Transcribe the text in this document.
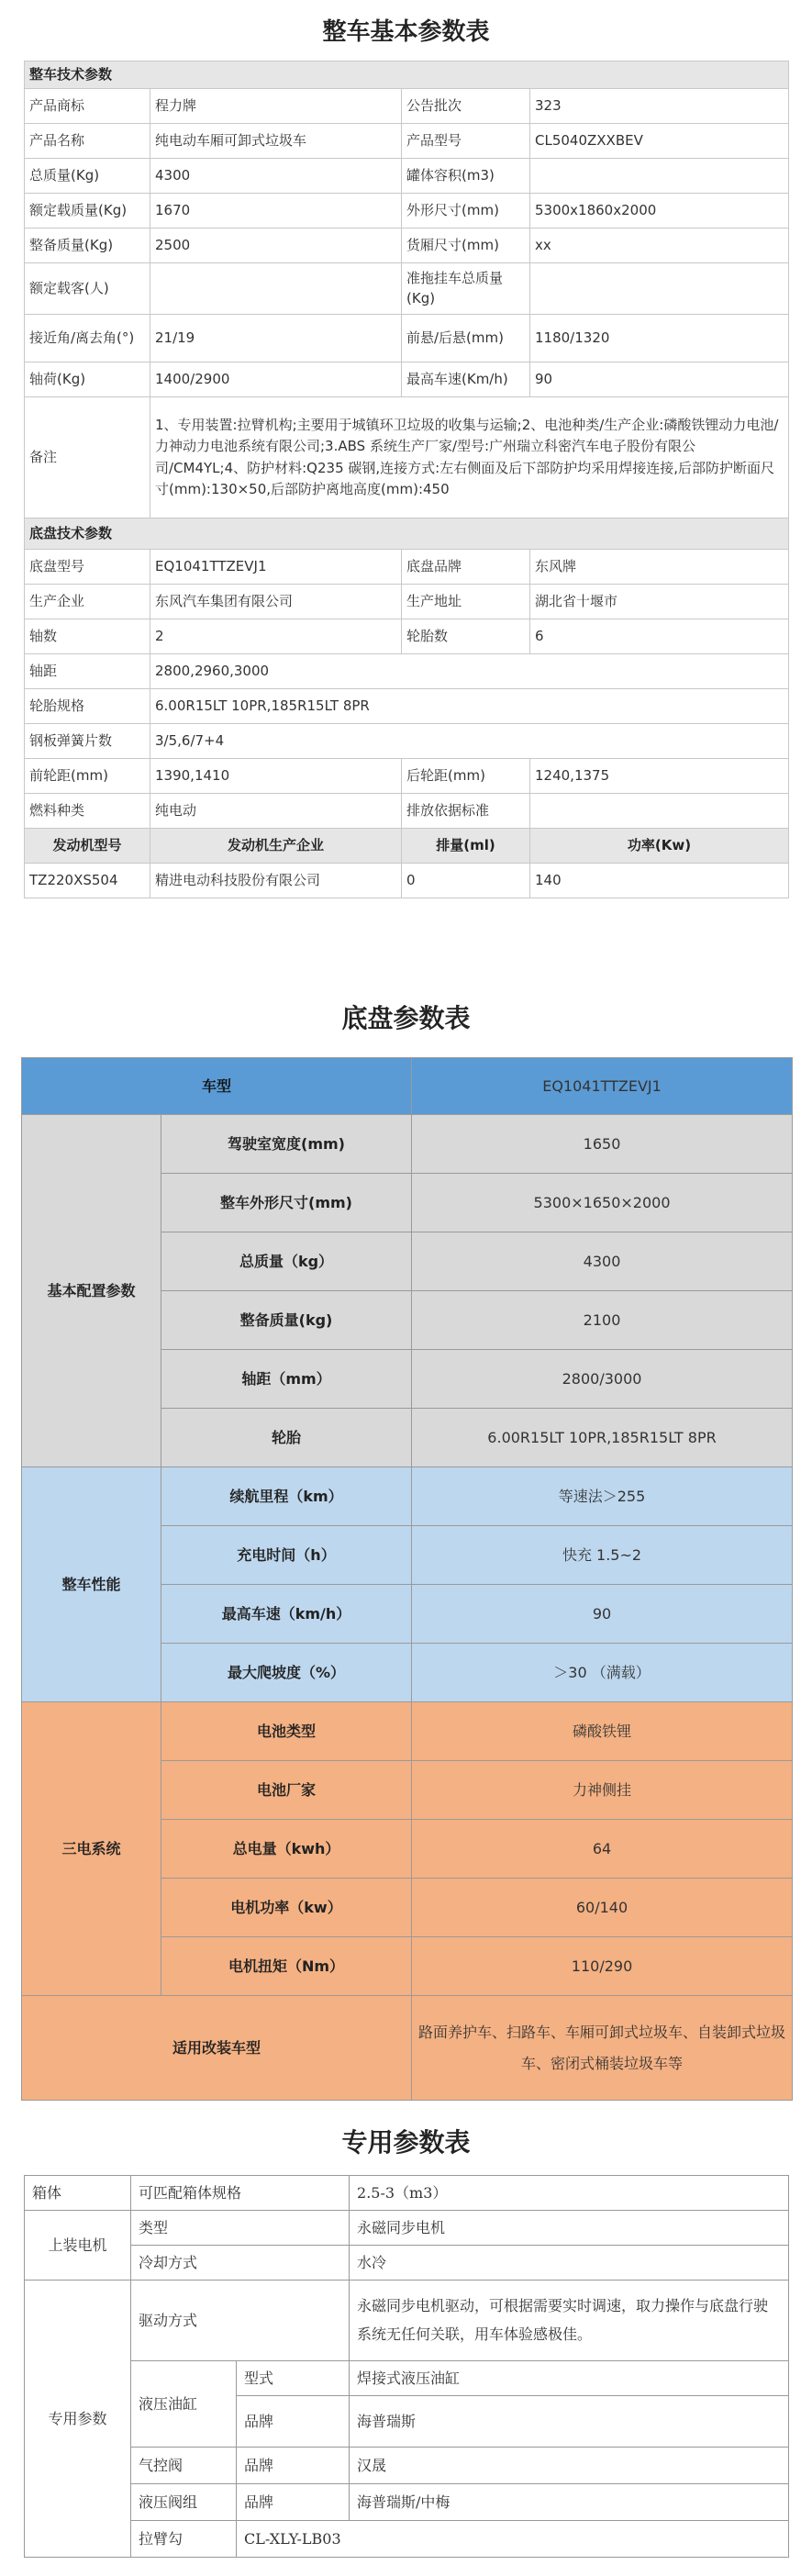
整车基本参数表
整车技术参数			
产品商标	程力牌	公告批次	323
产品名称	纯电动车厢可卸式垃圾车	产品型号	CL5040ZXXBEV
总质量(Kg)	4300	罐体容积(m3)	
额定载质量(Kg)	1670	外形尺寸(mm)	5300x1860x2000
整备质量(Kg)	2500	货厢尺寸(mm)	xx
额定载客(人)		准拖挂车总质量(Kg)	
接近角/离去角(°)	21/19	前悬/后悬(mm)	1180/1320
轴荷(Kg)	1400/2900	最高车速(Km/h)	90
备注	1、专用装置:拉臂机构;主要用于城镇环卫垃圾的收集与运输;2、电池种类/生产企业:磷酸铁锂动力电池/力神动力电池系统有限公司;3.ABS 系统生产厂家/型号:广州瑞立科密汽车电子股份有限公司/CM4YL;4、防护材料:Q235 碳钢,连接方式:左右侧面及后下部防护均采用焊接连接,后部防护断面尺寸(mm):130×50,后部防护离地高度(mm):450		
底盘技术参数			
底盘型号	EQ1041TTZEVJ1	底盘品牌	东风牌
生产企业	东风汽车集团有限公司	生产地址	湖北省十堰市
轴数	2	轮胎数	6
轴距	2800,2960,3000		
轮胎规格	6.00R15LT 10PR,185R15LT 8PR		
钢板弹簧片数	3/5,6/7+4		
前轮距(mm)	1390,1410	后轮距(mm)	1240,1375
燃料种类	纯电动	排放依据标准	
发动机型号	发动机生产企业	排量(ml)	功率(Kw)
TZ220XS504	精进电动科技股份有限公司	0	140
底盘参数表
车型		EQ1041TTZEVJ1
基本配置参数	驾驶室宽度(mm)	1650
	整车外形尺寸(mm)	5300×1650×2000
	总质量（kg）	4300
	整备质量(kg)	2100
	轴距（mm）	2800/3000
	轮胎	6.00R15LT 10PR,185R15LT 8PR
整车性能	续航里程（km）	等速法＞255
	充电时间（h）	快充 1.5~2
	最高车速（km/h）	90
	最大爬坡度（%）	＞30 （满载）
三电系统	电池类型	磷酸铁锂
	电池厂家	力神侧挂
	总电量（kwh）	64
	电机功率（kw）	60/140
	电机扭矩（Nm）	110/290
适用改装车型		路面养护车、扫路车、车厢可卸式垃圾车、自装卸式垃圾车、密闭式桶装垃圾车等
专用参数表
箱体	可匹配箱体规格		2.5-3（m3）
上装电机	类型		永磁同步电机
	冷却方式		水冷
专用参数	驱动方式		永磁同步电机驱动，可根据需要实时调速，取力操作与底盘行驶系统无任何关联，用车体验感极佳。
	液压油缸	型式	焊接式液压油缸
		品牌	海普瑞斯
	气控阀	品牌	汉晟
	液压阀组	品牌	海普瑞斯/中梅
	拉臂勾	CL-XLY-LB03	
